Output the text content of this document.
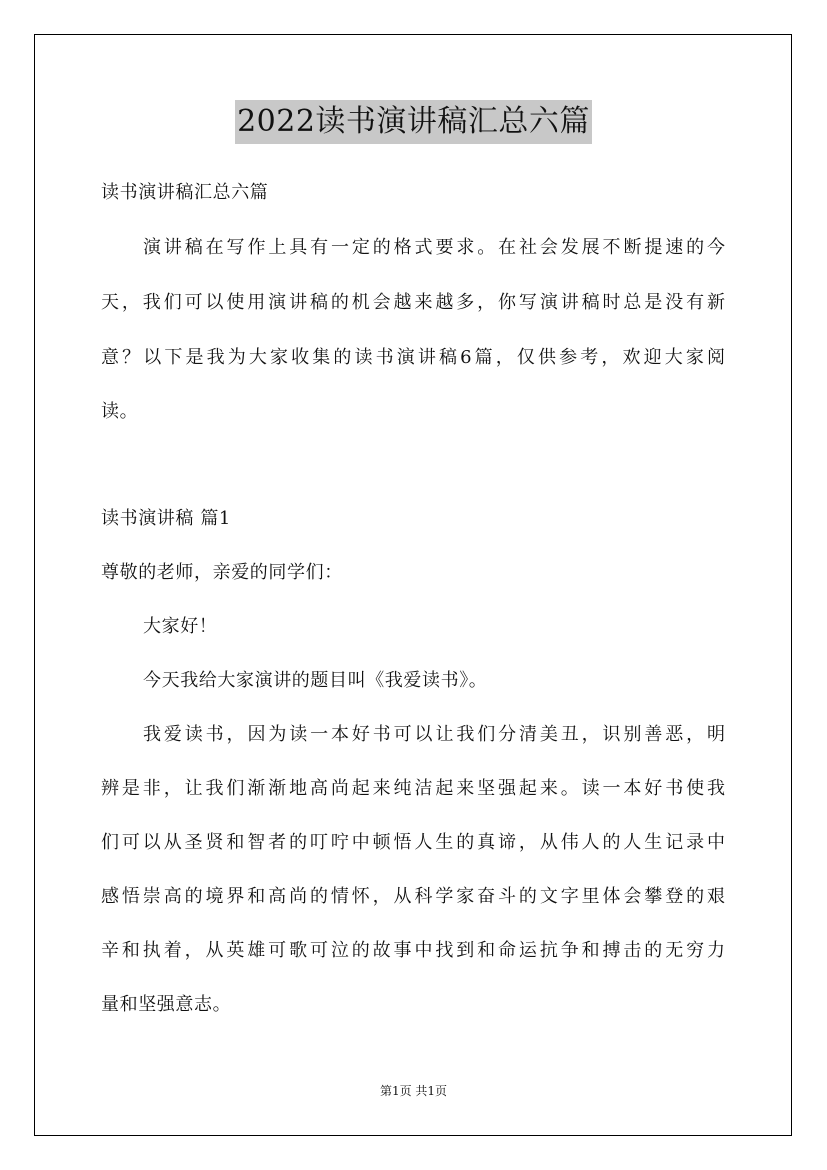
2022读书演讲稿汇总六篇
读书演讲稿汇总六篇
演讲稿在写作上具有一定的格式要求。在社会发展不断提速的今
天，我们可以使用演讲稿的机会越来越多，你写演讲稿时总是没有新
意？以下是我为大家收集的读书演讲稿6篇，仅供参考，欢迎大家阅
读。
读书演讲稿 篇1
尊敬的老师，亲爱的同学们：
大家好！
今天我给大家演讲的题目叫《我爱读书》。
我爱读书，因为读一本好书可以让我们分清美丑，识别善恶，明
辨是非，让我们渐渐地高尚起来纯洁起来坚强起来。读一本好书使我
们可以从圣贤和智者的叮咛中顿悟人生的真谛，从伟人的人生记录中
感悟崇高的境界和高尚的情怀，从科学家奋斗的文字里体会攀登的艰
辛和执着，从英雄可歌可泣的故事中找到和命运抗争和搏击的无穷力
量和坚强意志。
第1页 共1页
